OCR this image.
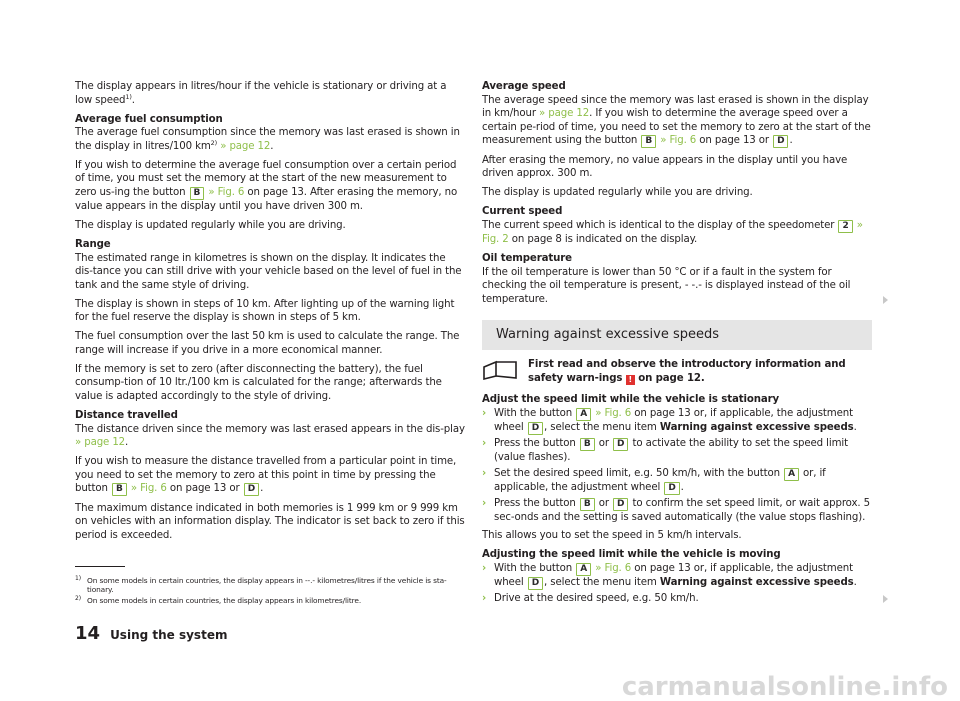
The display appears in litres/hour if the vehicle is stationary or driving at a low speed$^{1)}$.

Average fuel consumption
The average fuel consumption since the memory was last erased is shown in the display in litres/100 $km^{2)}$ » page 12.

If you wish to determine the average fuel consumption over a certain period of time, you must set the memory at the start of the new measurement to zero us-ing the button B » Fig. 6 on page 13. After erasing the memory, no value appears in the display until you have driven 300 m.

The display is updated regularly while you are driving.

Range
The estimated range in kilometres is shown on the display. It indicates the dis-tance you can still drive with your vehicle based on the level of fuel in the tank and the same style of driving.

The display is shown in steps of 10 km. After lighting up of the warning light for the fuel reserve the display is shown in steps of 5 km.

The fuel consumption over the last 50 km is used to calculate the range. The range will increase if you drive in a more economical manner.

If the memory is set to zero (after disconnecting the battery), the fuel consump-tion of 10 ltr./100 km is calculated for the range; afterwards the value is adapted accordingly to the style of driving.

Distance travelled
The distance driven since the memory was last erased appears in the dis-play » page 12.

If you wish to measure the distance travelled from a particular point in time, you need to set the memory to zero at this point in time by pressing the button B » Fig. 6 on page 13 or D .

The maximum distance indicated in both memories is 1 999 km or 9 999 km on vehicles with an information display. The indicator is set back to zero if this period is exceeded.

Average speed
The average speed since the memory was last erased is shown in the display in km/hour » page 12. If you wish to determine the average speed over a certain pe-riod of time, you need to set the memory to zero at the start of the measurement using the button B » Fig. 6 on page 13 or D .

After erasing the memory, no value appears in the display until you have driven approx. 300 m.

The display is updated regularly while you are driving.

Current speed
The current speed which is identical to the display of the speedometer 2 » Fig. 2 on page 8 is indicated on the display.

Oil temperature
If the oil temperature is lower than 50 °C or if a fault in the system for checking the oil temperature is present, - -.- is displayed instead of the oil temperature.

Warning against excessive speeds
First read and observe the introductory information and safety warn-ings ! on page 12.
Adjust the speed limit while the vehicle is stationary
› With the button A » Fig. 6 on page 13 or, if applicable, the adjustment wheel D , select the menu item Warning against excessive speeds.
› Press the button B or D to activate the ability to set the speed limit (value flashes).
› Set the desired speed limit, e.g. 50 km/h, with the button A or, if applicable, the adjustment wheel D .
› Press the button B or D to confirm the set speed limit, or wait approx. 5 sec-onds and the setting is saved automatically (the value stops flashing).

This allows you to set the speed in 5 km/h intervals.

Adjusting the speed limit while the vehicle is moving
› With the button A » Fig. 6 on page 13 or, if applicable, the adjustment wheel D , select the menu item Warning against excessive speeds.
› Drive at the desired speed, e.g. 50 km/h.
1) On some models in certain countries, the display appears in --.- kilometres/litres if the vehicle is sta-tionary.
2) On some models in certain countries, the display appears in kilometres/litre.
14 Using the system
carmanualsonline.info
